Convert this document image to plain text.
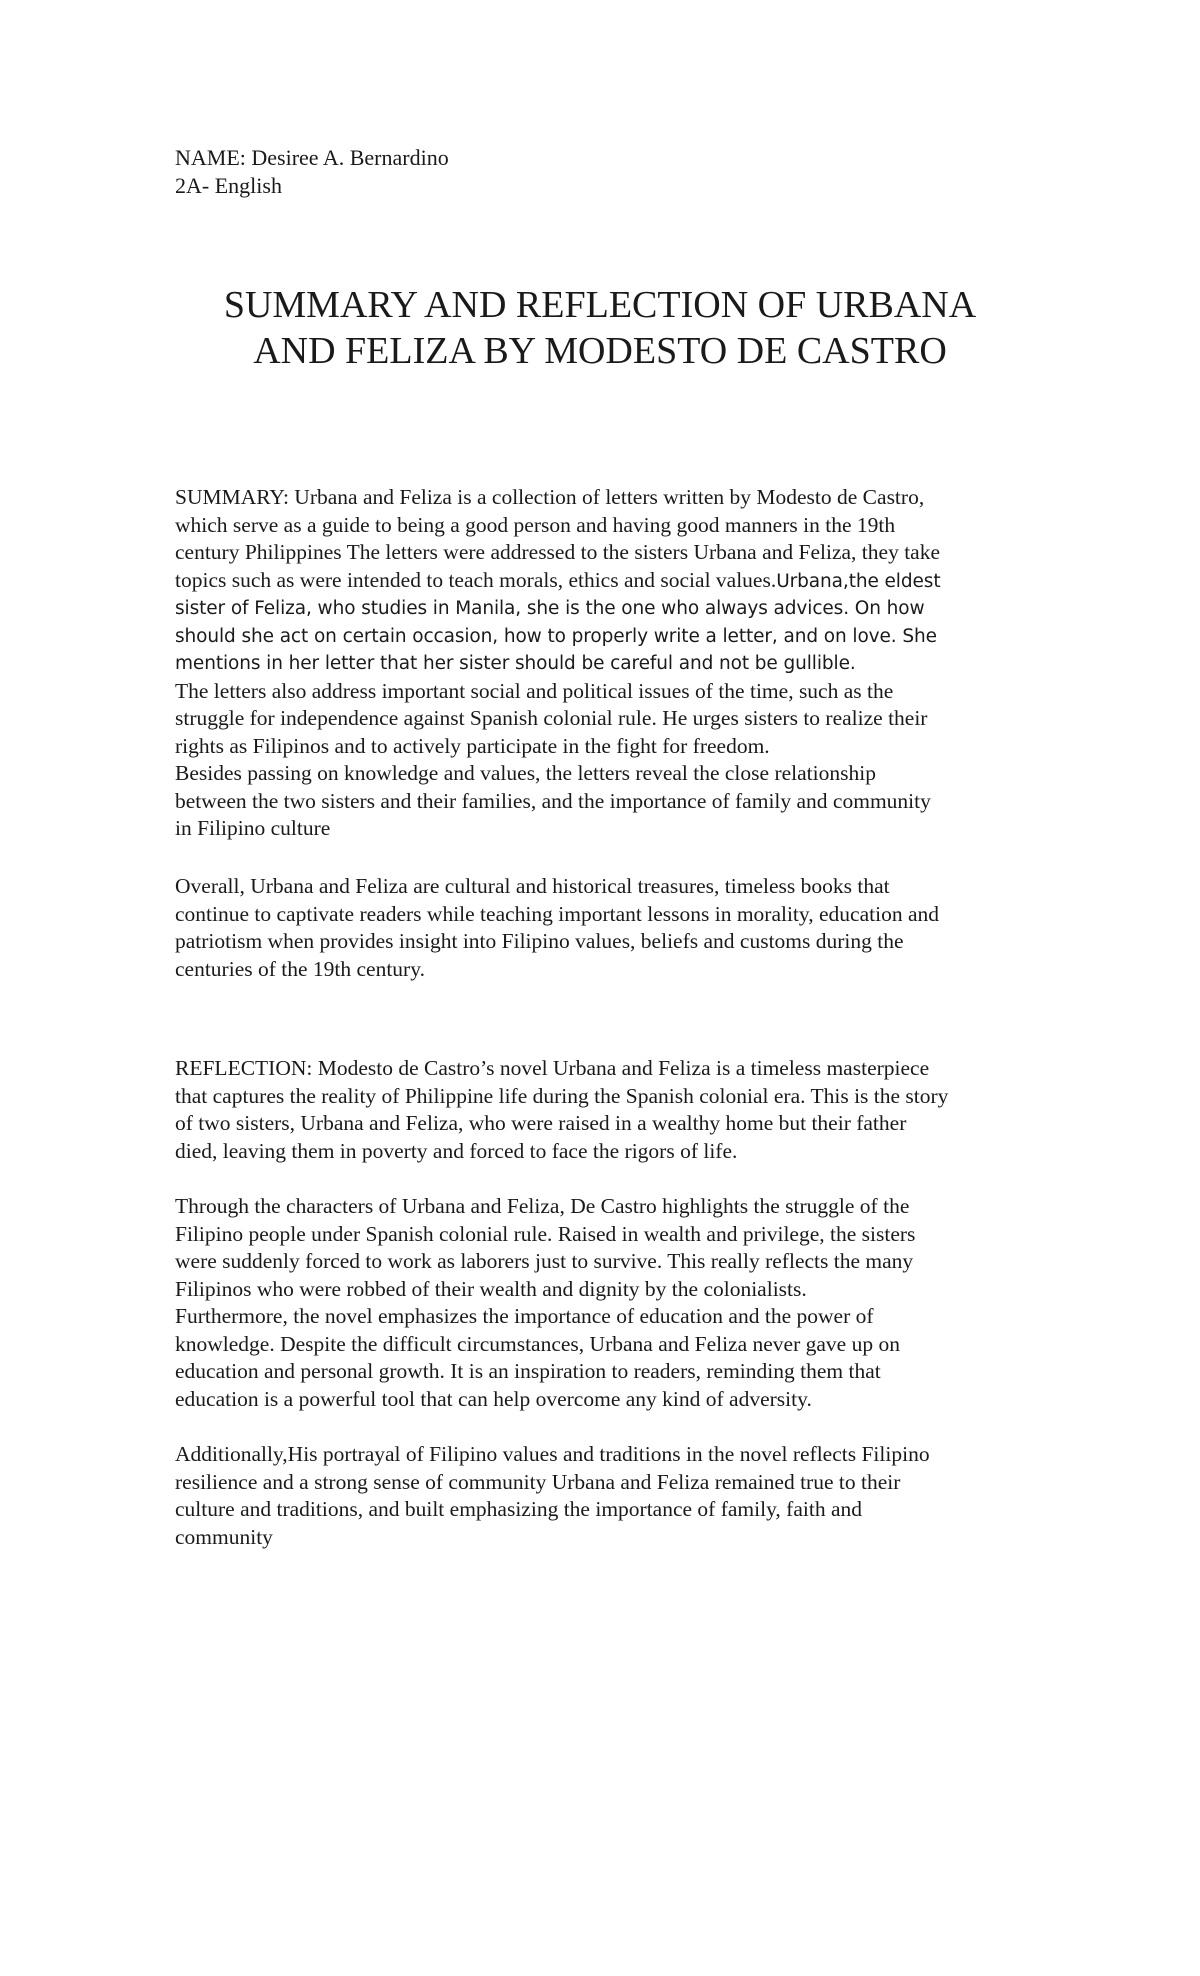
NAME: Desiree A. Bernardino
2A- English
SUMMARY AND REFLECTION OF URBANA
AND FELIZA BY MODESTO DE CASTRO
SUMMARY: Urbana and Feliza is a collection of letters written by Modesto de Castro,
which serve as a guide to being a good person and having good manners in the 19th
century Philippines The letters were addressed to the sisters Urbana and Feliza, they take
topics such as were intended to teach morals, ethics and social values.Urbana,the eldest
sister of Feliza, who studies in Manila, she is the one who always advices. On how
should she act on certain occasion, how to properly write a letter, and on love. She
mentions in her letter that her sister should be careful and not be gullible.
The letters also address important social and political issues of the time, such as the
struggle for independence against Spanish colonial rule. He urges sisters to realize their
rights as Filipinos and to actively participate in the fight for freedom.
Besides passing on knowledge and values, the letters reveal the close relationship
between the two sisters and their families, and the importance of family and community
in Filipino culture
Overall, Urbana and Feliza are cultural and historical treasures, timeless books that
continue to captivate readers while teaching important lessons in morality, education and
patriotism when provides insight into Filipino values, beliefs and customs during the
centuries of the 19th century.
REFLECTION: Modesto de Castro’s novel Urbana and Feliza is a timeless masterpiece
that captures the reality of Philippine life during the Spanish colonial era. This is the story
of two sisters, Urbana and Feliza, who were raised in a wealthy home but their father
died, leaving them in poverty and forced to face the rigors of life.
Through the characters of Urbana and Feliza, De Castro highlights the struggle of the
Filipino people under Spanish colonial rule. Raised in wealth and privilege, the sisters
were suddenly forced to work as laborers just to survive. This really reflects the many
Filipinos who were robbed of their wealth and dignity by the colonialists.
Furthermore, the novel emphasizes the importance of education and the power of
knowledge. Despite the difficult circumstances, Urbana and Feliza never gave up on
education and personal growth. It is an inspiration to readers, reminding them that
education is a powerful tool that can help overcome any kind of adversity.
Additionally,His portrayal of Filipino values and traditions in the novel reflects Filipino
resilience and a strong sense of community Urbana and Feliza remained true to their
culture and traditions, and built emphasizing the importance of family, faith and
community
